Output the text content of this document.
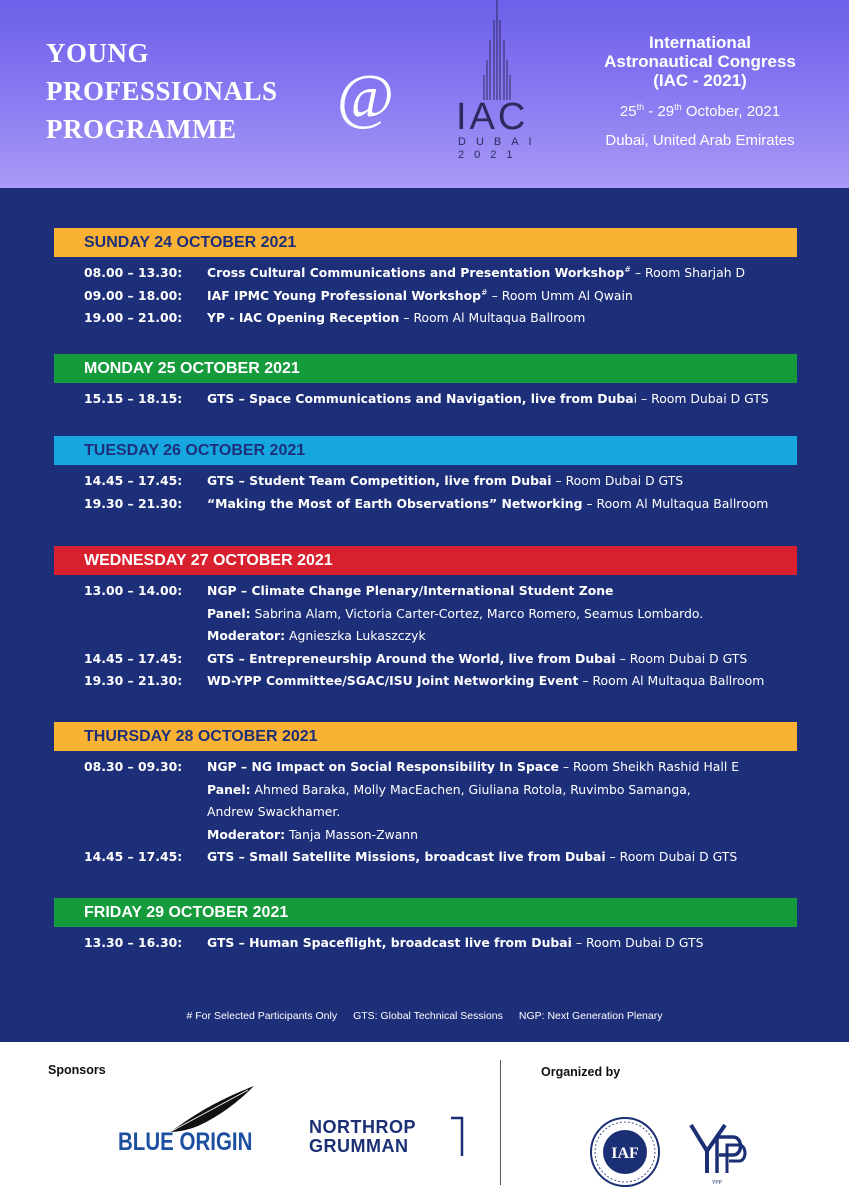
YOUNG
PROFESSIONALS
PROGRAMME	@ IAC
DUBAI
2021
International
Astronautical Congress
(IAC - 2021)
25th - 29th October, 2021
Dubai, United Arab Emirates
SUNDAY 24 OCTOBER 2021
08.00 – 13.30:	Cross Cultural Communications and Presentation Workshop# – Room Sharjah D
09.00 – 18.00:	IAF IPMC Young Professional Workshop# – Room Umm Al Qwain
19.00 – 21.00:	YP - IAC Opening Reception – Room Al Multaqua Ballroom
MONDAY 25 OCTOBER 2021
15.15 – 18.15:	GTS – Space Communications and Navigation, live from Dubai – Room Dubai D GTS
TUESDAY 26 OCTOBER 2021
14.45 – 17.45:	GTS – Student Team Competition, live from Dubai – Room Dubai D GTS
19.30 – 21.30:	“Making the Most of Earth Observations” Networking – Room Al Multaqua Ballroom
WEDNESDAY 27 OCTOBER 2021
13.00 – 14.00:	NGP – Climate Change Plenary/International Student Zone
Panel: Sabrina Alam, Victoria Carter-Cortez, Marco Romero, Seamus Lombardo.
Moderator: Agnieszka Lukaszczyk
14.45 – 17.45:	GTS – Entrepreneurship Around the World, live from Dubai – Room Dubai D GTS
19.30 – 21.30:	WD-YPP Committee/SGAC/ISU Joint Networking Event – Room Al Multaqua Ballroom
THURSDAY 28 OCTOBER 2021
08.30 – 09.30:	NGP – NG Impact on Social Responsibility In Space – Room Sheikh Rashid Hall E
Panel: Ahmed Baraka, Molly MacEachen, Giuliana Rotola, Ruvimbo Samanga,
Andrew Swackhamer.
Moderator: Tanja Masson-Zwann
14.45 – 17.45:	GTS – Small Satellite Missions, broadcast live from Dubai – Room Dubai D GTS
FRIDAY 29 OCTOBER 2021
13.30 – 16.30:	GTS – Human Spaceflight, broadcast live from Dubai – Room Dubai D GTS
# For Selected Participants Only GTS: Global Technical Sessions NGP: Next Generation Plenary
Sponsors	Organized by
BLUE ORIGIN
NORTHROP
GRUMMAN	IAF
YPP
